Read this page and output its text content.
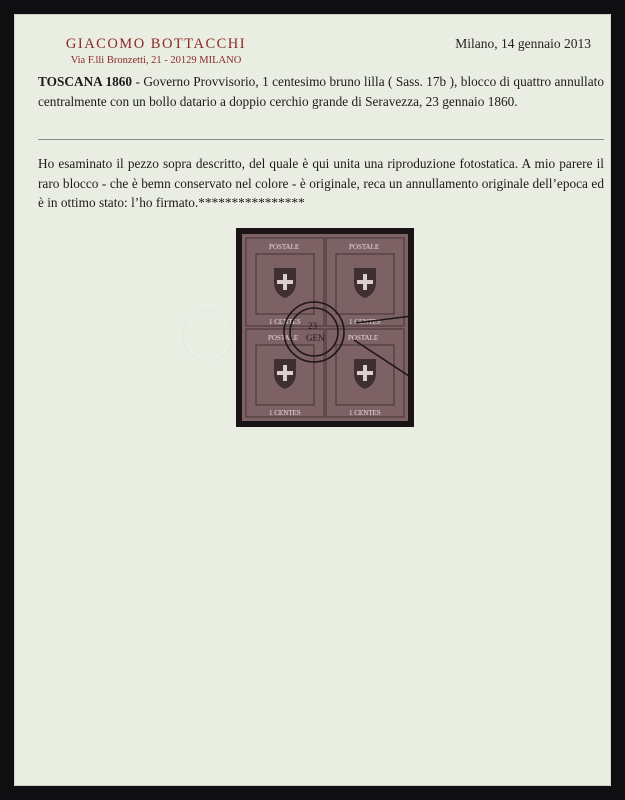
GIACOMO BOTTACCHI
Via F.lli Bronzetti, 21 - 20129 MILANO
Milano, 14 gennaio 2013
TOSCANA 1860 - Governo Provvisorio, 1 centesimo bruno lilla ( Sass. 17b ), blocco di quattro annullato centralmente con un bollo datario a doppio cerchio grande di Seravezza, 23 gennaio 1860.
Ho esaminato il pezzo sopra descritto, del quale è qui unita una riproduzione fotostatica. A mio parere il raro blocco - che è bemn conservato nel colore - è originale, reca un annullamento originale dell’epoca ed è in ottimo stato: l’ho firmato.****************
POSTALE	POSTALE
1 CENTES	1 CENTES
POSTALE	POSTALE
1 CENTES	1 CENTES
23
GEN
